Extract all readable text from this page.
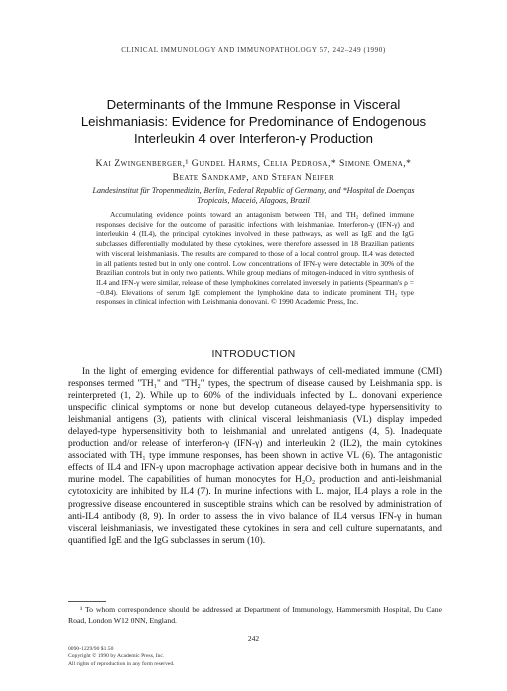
CLINICAL IMMUNOLOGY AND IMMUNOPATHOLOGY 57, 242–249 (1990)
Determinants of the Immune Response in Visceral
Leishmaniasis: Evidence for Predominance of Endogenous
Interleukin 4 over Interferon-γ Production
Kai Zwingenberger,¹ Gundel Harms, Celia Pedrosa,* Simone Omena,*
Beate Sandkamp, and Stefan Neifer
Landesinstitut für Tropenmedizin, Berlin, Federal Republic of Germany, and *Hospital de Doenças
Tropicais, Maceió, Alagoas, Brazil

Accumulating evidence points toward an antagonism between TH₁ and TH₂ defined immune responses decisive for the outcome of parasitic infections with leishmaniae. Interferon-γ (IFN-γ) and interleukin 4 (IL4), the principal cytokines involved in these pathways, as well as IgE and the IgG subclasses differentially modulated by these cytokines, were therefore assessed in 18 Brazilian patients with visceral leishmaniasis. The results are compared to those of a local control group. IL4 was detected in all patients tested but in only one control. Low concentrations of IFN-γ were detectable in 30% of the Brazilian controls but in only two patients. While group medians of mitogen-induced in vitro synthesis of IL4 and IFN-γ were similar, release of these lymphokines correlated inversely in patients (Spearman's ρ = −0.84). Elevations of serum IgE complement the lymphokine data to indicate prominent TH₂ type responses in clinical infection with Leishmania donovani. © 1990 Academic Press, Inc.

INTRODUCTION

In the light of emerging evidence for differential pathways of cell-mediated immune (CMI) responses termed "TH₁" and "TH₂" types, the spectrum of disease caused by Leishmania spp. is reinterpreted (1, 2). While up to 60% of the individuals infected by L. donovani experience unspecific clinical symptoms or none but develop cutaneous delayed-type hypersensitivity to leishmanial antigens (3), patients with clinical visceral leishmaniasis (VL) display impeded delayed-type hypersensitivity both to leishmanial and unrelated antigens (4, 5). Inadequate production and/or release of interferon-γ (IFN-γ) and interleukin 2 (IL2), the main cytokines associated with TH₁ type immune responses, has been shown in active VL (6). The antagonistic effects of IL4 and IFN-γ upon macrophage activation appear decisive both in humans and in the murine model. The capabilities of human monocytes for H₂O₂ production and anti-leishmanial cytotoxicity are inhibited by IL4 (7). In murine infections with L. major, IL4 plays a role in the progressive disease encountered in susceptible strains which can be resolved by administration of anti-IL4 antibody (8, 9). In order to assess the in vivo balance of IL4 versus IFN-γ in human visceral leishmaniasis, we investigated these cytokines in sera and cell culture supernatants, and quantified IgE and the IgG subclasses in serum (10).

¹ To whom correspondence should be addressed at Department of Immunology, Hammersmith Hospital, Du Cane Road, London W12 0NN, England.

242
0090-1229/90 $1.50
Copyright © 1990 by Academic Press, Inc.
All rights of reproduction in any form reserved.
